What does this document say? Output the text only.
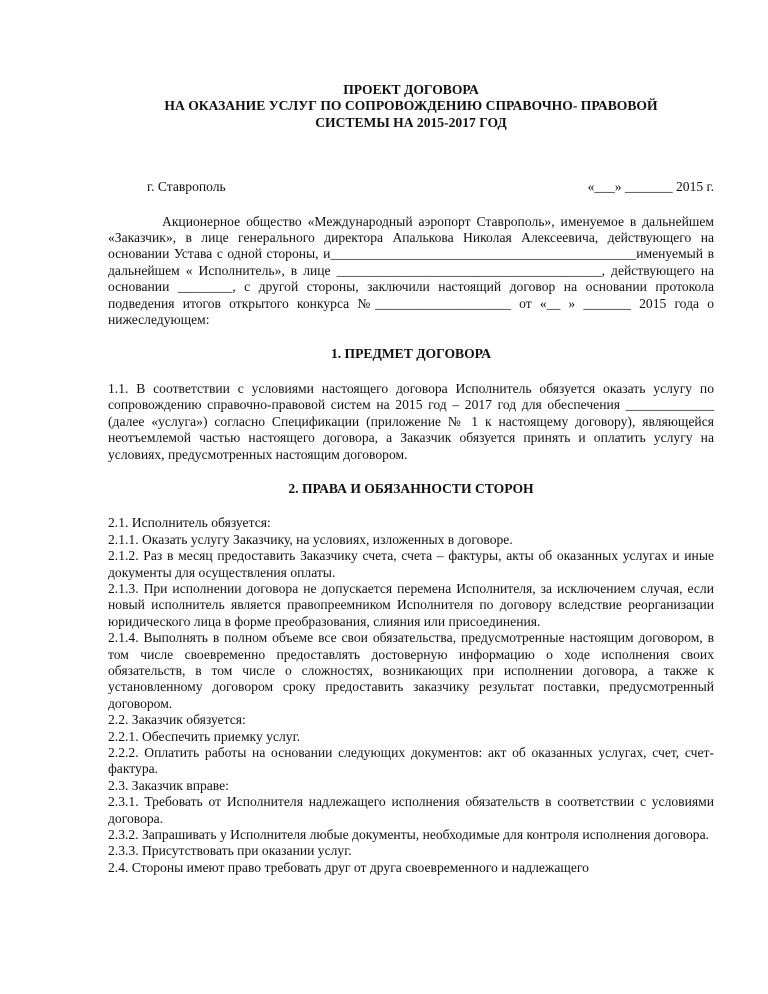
ПРОЕКТ ДОГОВОРА
НА ОКАЗАНИЕ УСЛУГ ПО СОПРОВОЖДЕНИЮ СПРАВОЧНО- ПРАВОВОЙ
СИСТЕМЫ НА 2015-2017 ГОД
г. Ставрополь	«___» _______ 2015 г.

Акционерное общество «Международный аэропорт Ставрополь», именуемое в дальнейшем «Заказчик», в лице генерального директора Апалькова Николая Алексеевича, действующего на основании Устава с одной стороны, и_____________________________________________именуемый в дальнейшем « Исполнитель», в лице _______________________________________, действующего на основании ________, с другой стороны, заключили настоящий договор на основании протокола подведения итогов открытого конкурса №____________________ от «__ » _______ 2015 года о нижеследующем:

1. ПРЕДМЕТ ДОГОВОРА

1.1. В соответствии с условиями настоящего договора Исполнитель обязуется оказать услугу по сопровождению справочно-правовой систем на 2015 год – 2017 год для обеспечения _____________ (далее «услуга») согласно Спецификации (приложение № 1 к настоящему договору), являющейся неотъемлемой частью настоящего договора, а Заказчик обязуется принять и оплатить услугу на условиях, предусмотренных настоящим договором.

2. ПРАВА И ОБЯЗАННОСТИ СТОРОН

2.1. Исполнитель обязуется:

2.1.1. Оказать услугу Заказчику, на условиях, изложенных в договоре.

2.1.2. Раз в месяц предоставить Заказчику счета, счета – фактуры, акты об оказанных услугах и иные документы для осуществления оплаты.

2.1.3. При исполнении договора не допускается перемена Исполнителя, за исключением случая, если новый исполнитель является правопреемником Исполнителя по договору вследствие реорганизации юридического лица в форме преобразования, слияния или присоединения.

2.1.4. Выполнять в полном объеме все свои обязательства, предусмотренные настоящим договором, в том числе своевременно предоставлять достоверную информацию о ходе исполнения своих обязательств, в том числе о сложностях, возникающих при исполнении договора, а также к установленному договором сроку предоставить заказчику результат поставки, предусмотренный договором.

2.2. Заказчик обязуется:

2.2.1. Обеспечить приемку услуг.

2.2.2. Оплатить работы на основании следующих документов: акт об оказанных услугах, счет, счет-фактура.

2.3. Заказчик вправе:

2.3.1. Требовать от Исполнителя надлежащего исполнения обязательств в соответствии с условиями договора.

2.3.2. Запрашивать у Исполнителя любые документы, необходимые для контроля исполнения договора.

2.3.3. Присутствовать при оказании услуг.

2.4. Стороны имеют право требовать друг от друга своевременного и надлежащего
